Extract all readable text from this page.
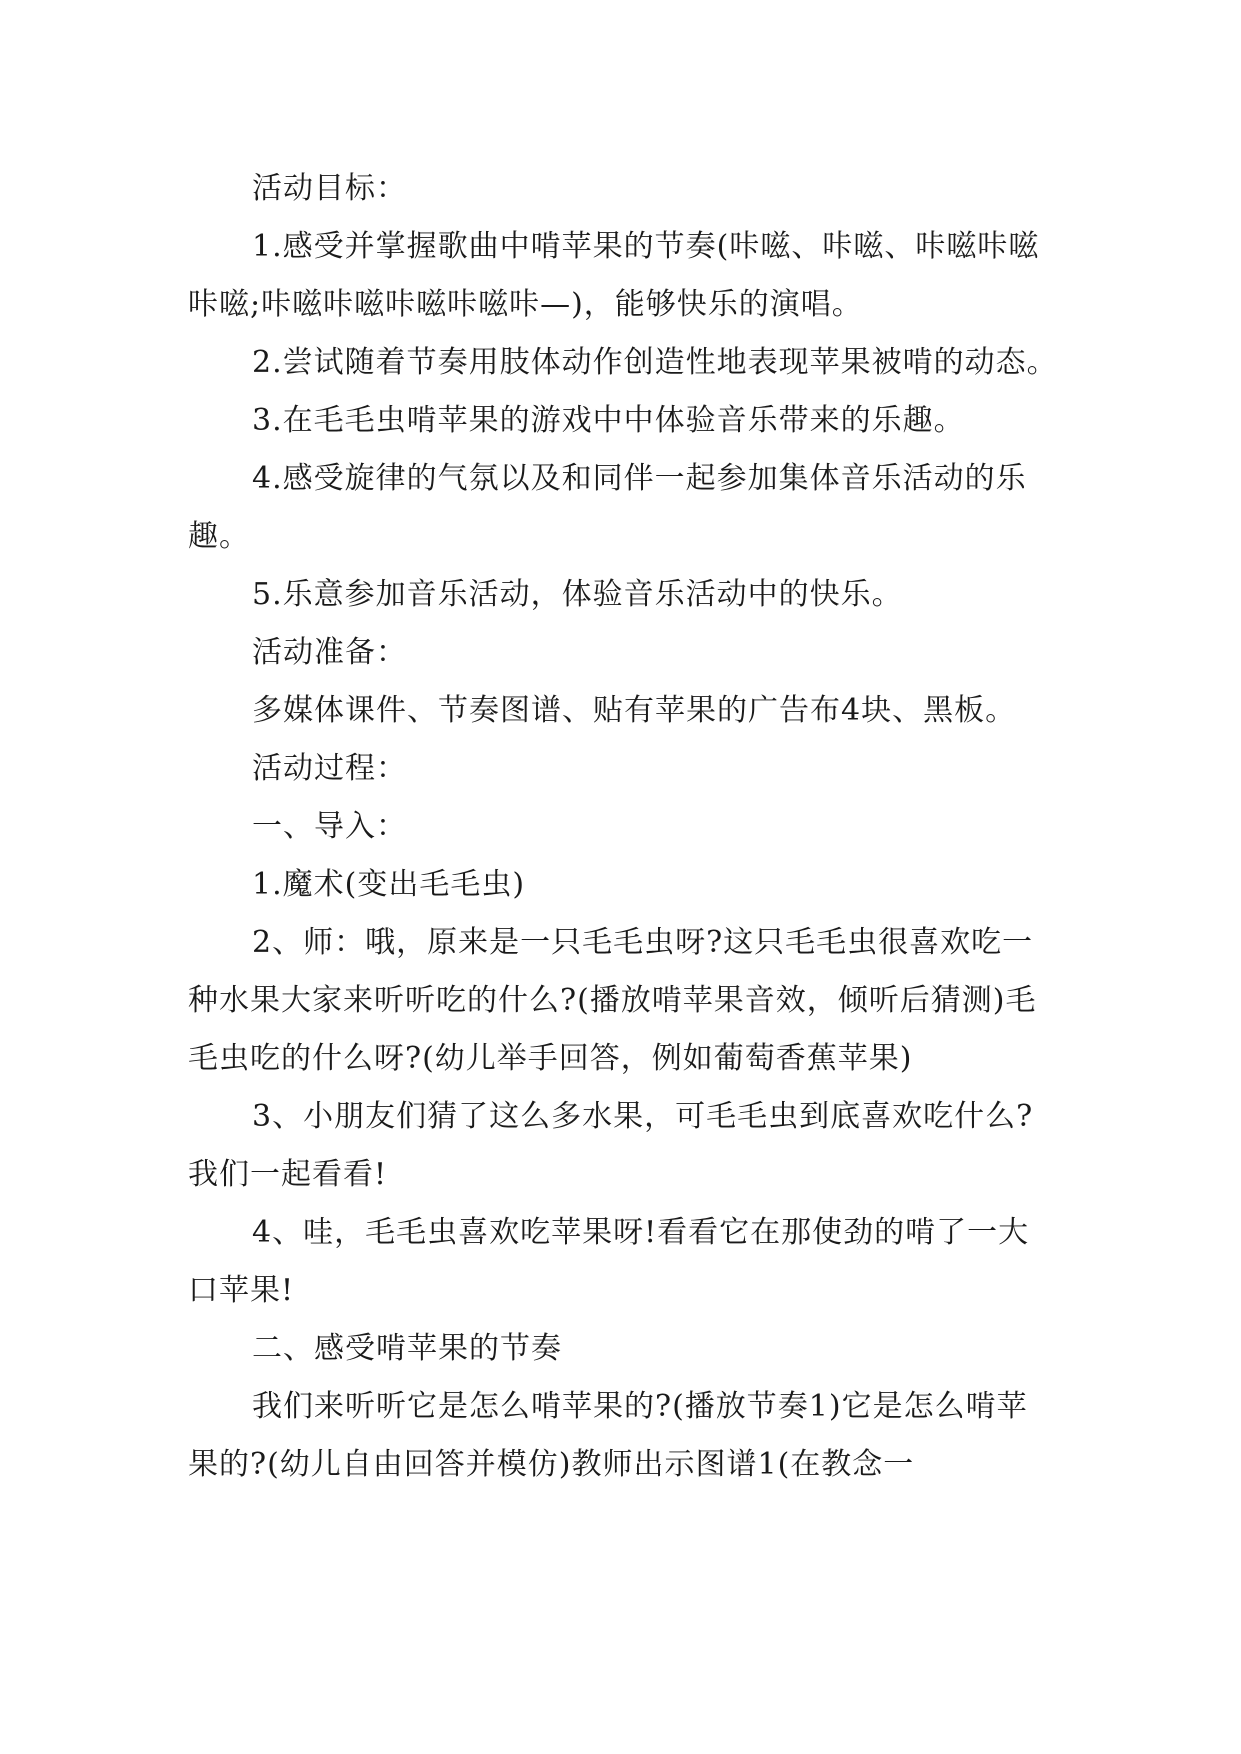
活动目标：

1.感受并掌握歌曲中啃苹果的节奏(咔嗞、咔嗞、咔嗞咔嗞咔嗞;咔嗞咔嗞咔嗞咔嗞咔—)，能够快乐的演唱。

2.尝试随着节奏用肢体动作创造性地表现苹果被啃的动态。

3.在毛毛虫啃苹果的游戏中中体验音乐带来的乐趣。

4.感受旋律的气氛以及和同伴一起参加集体音乐活动的乐趣。

5.乐意参加音乐活动，体验音乐活动中的快乐。

活动准备：

多媒体课件、节奏图谱、贴有苹果的广告布4块、黑板。

活动过程：

一、导入：

1.魔术(变出毛毛虫)

2、师：哦，原来是一只毛毛虫呀?这只毛毛虫很喜欢吃一种水果大家来听听吃的什么?(播放啃苹果音效，倾听后猜测)毛毛虫吃的什么呀?(幼儿举手回答，例如葡萄香蕉苹果)

3、小朋友们猜了这么多水果，可毛毛虫到底喜欢吃什么?我们一起看看!

4、哇，毛毛虫喜欢吃苹果呀!看看它在那使劲的啃了一大口苹果!

二、感受啃苹果的节奏

我们来听听它是怎么啃苹果的?(播放节奏1)它是怎么啃苹果的?(幼儿自由回答并模仿)教师出示图谱1(在教念一
